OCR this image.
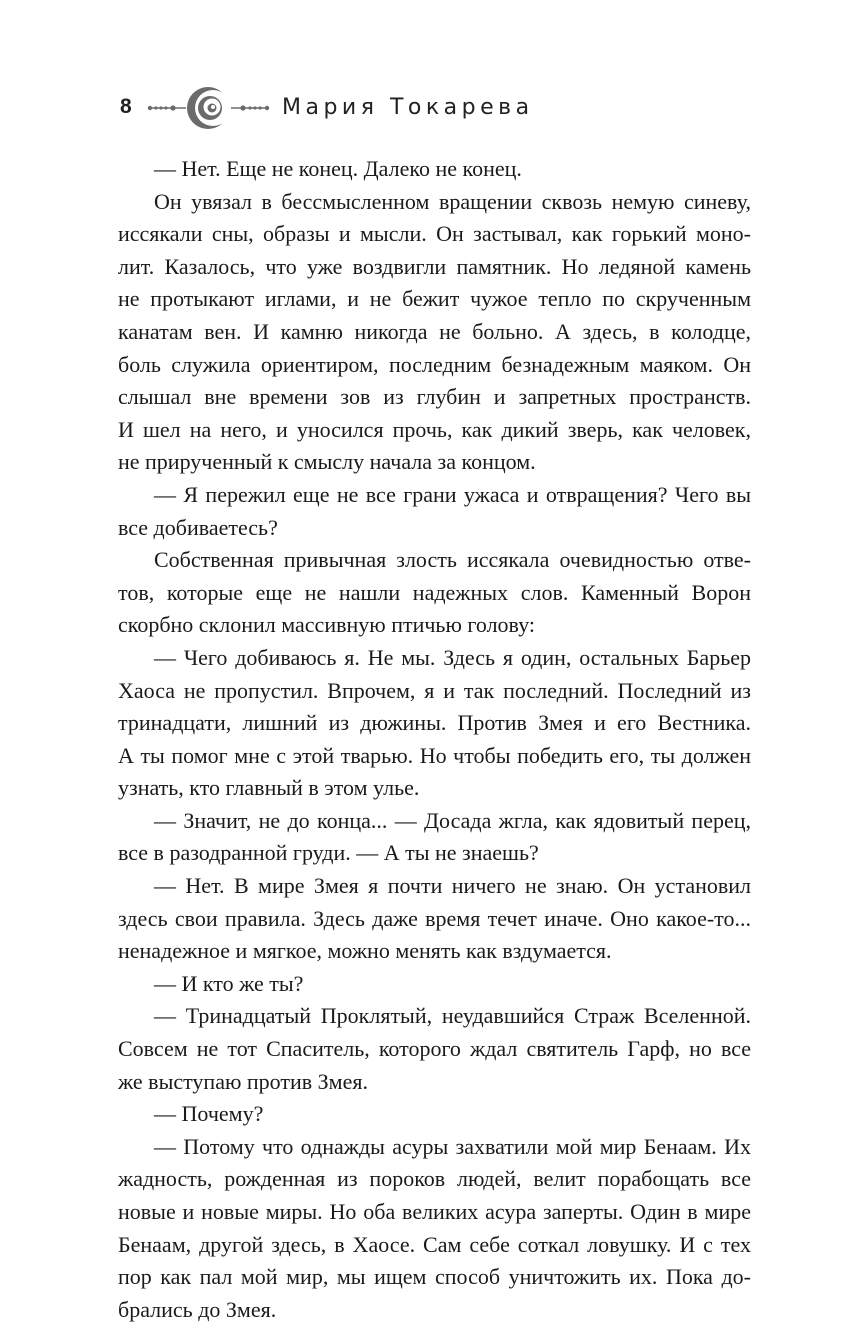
8	Мария Токарева
— Нет. Еще не конец. Далеко не конец.
Он увязал в бессмысленном вращении сквозь немую синеву,
иссякали сны, образы и мысли. Он застывал, как горький моно-
лит. Казалось, что уже воздвигли памятник. Но ледяной камень
не протыкают иглами, и не бежит чужое тепло по скрученным
канатам вен. И камню никогда не больно. А здесь, в колодце,
боль служила ориентиром, последним безнадежным маяком. Он
слышал вне времени зов из глубин и запретных пространств.
И шел на него, и уносился прочь, как дикий зверь, как человек,
не прирученный к смыслу начала за концом.
— Я пережил еще не все грани ужаса и отвращения? Чего вы
все добиваетесь?
Собственная привычная злость иссякала очевидностью отве-
тов, которые еще не нашли надежных слов. Каменный Ворон
скорбно склонил массивную птичью голову:
— Чего добиваюсь я. Не мы. Здесь я один, остальных Барьер
Хаоса не пропустил. Впрочем, я и так последний. Последний из
тринадцати, лишний из дюжины. Против Змея и его Вестника.
А ты помог мне с этой тварью. Но чтобы победить его, ты должен
узнать, кто главный в этом улье.
— Значит, не до конца... — Досада жгла, как ядовитый перец,
все в разодранной груди. — А ты не знаешь?
— Нет. В мире Змея я почти ничего не знаю. Он установил
здесь свои правила. Здесь даже время течет иначе. Оно какое-то...
ненадежное и мягкое, можно менять как вздумается.
— И кто же ты?
— Тринадцатый Проклятый, неудавшийся Страж Вселенной.
Совсем не тот Спаситель, которого ждал святитель Гарф, но все
же выступаю против Змея.
— Почему?
— Потому что однажды асуры захватили мой мир Бенаам. Их
жадность, рожденная из пороков людей, велит порабощать все
новые и новые миры. Но оба великих асура заперты. Один в мире
Бенаам, другой здесь, в Хаосе. Сам себе соткал ловушку. И с тех
пор как пал мой мир, мы ищем способ уничтожить их. Пока до-
брались до Змея.
